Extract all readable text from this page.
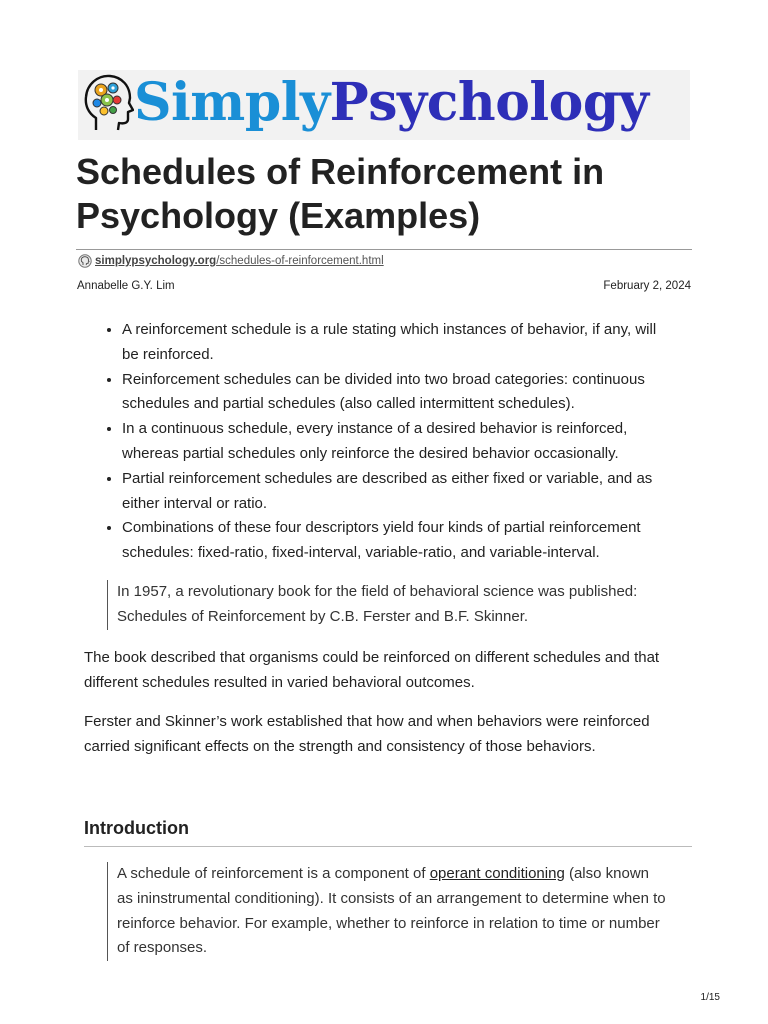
SimplyPsychology
Schedules of Reinforcement in
Psychology (Examples)
simplypsychology.org /schedules-of-reinforcement.html
Annabelle G.Y. Lim	February 2, 2024
• A reinforcement schedule is a rule stating which instances of behavior, if any, will
be reinforced.
• Reinforcement schedules can be divided into two broad categories: continuous
schedules and partial schedules (also called intermittent schedules).
• In a continuous schedule, every instance of a desired behavior is reinforced,
whereas partial schedules only reinforce the desired behavior occasionally.
• Partial reinforcement schedules are described as either fixed or variable, and as
either interval or ratio.
• Combinations of these four descriptors yield four kinds of partial reinforcement
schedules: fixed-ratio, fixed-interval, variable-ratio, and variable-interval.
In 1957, a revolutionary book for the field of behavioral science was published:
Schedules of Reinforcement by C.B. Ferster and B.F. Skinner.

The book described that organisms could be reinforced on different schedules and that
different schedules resulted in varied behavioral outcomes.

Ferster and Skinner’s work established that how and when behaviors were reinforced
carried significant effects on the strength and consistency of those behaviors.

Introduction
A schedule of reinforcement is a component of operant conditioning (also known
as ininstrumental conditioning). It consists of an arrangement to determine when to
reinforce behavior. For example, whether to reinforce in relation to time or number
of responses.
1/15
